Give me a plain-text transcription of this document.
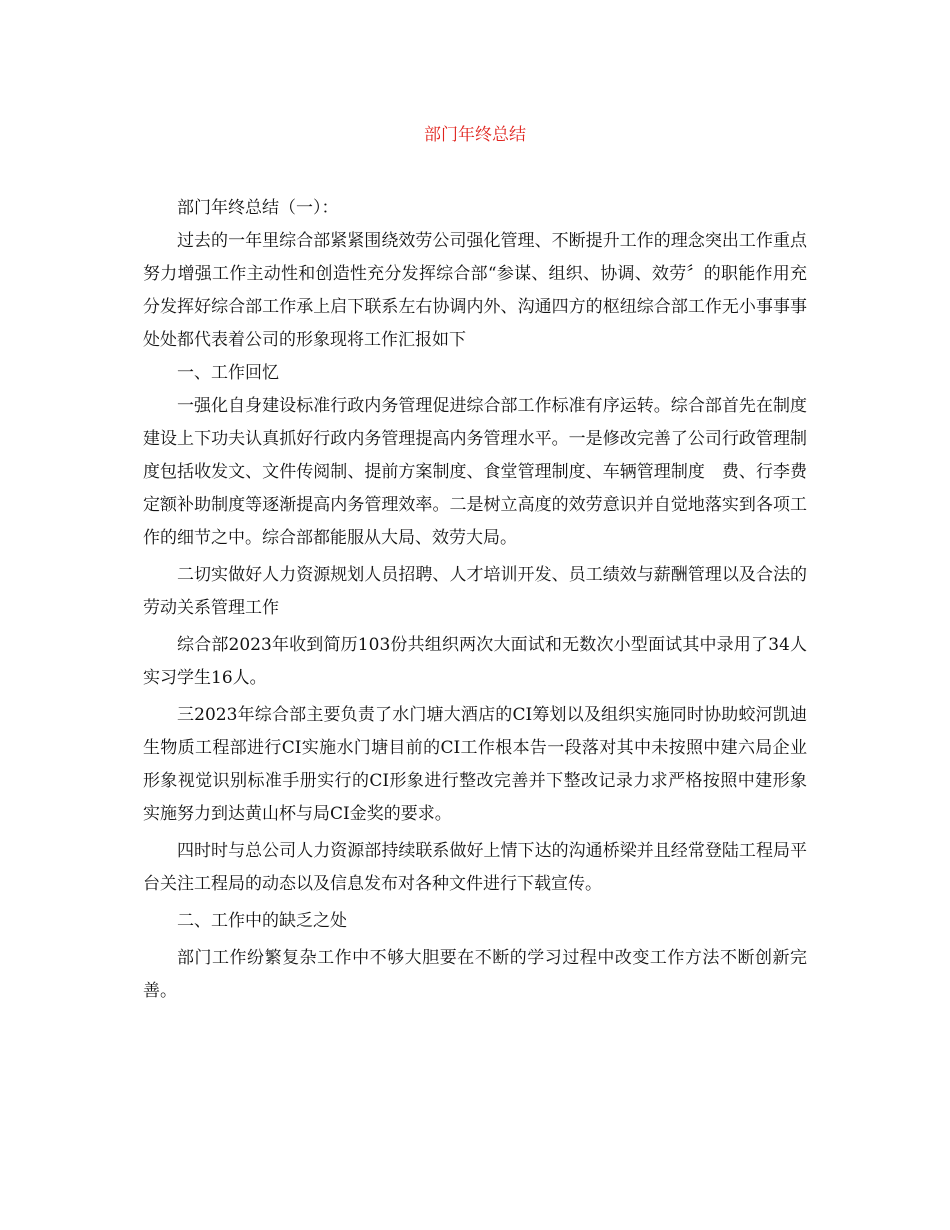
部门年终总结

部门年终总结（一）：

过去的一年里综合部紧紧围绕效劳公司强化管理、不断提升工作的理念突出工作重点努力增强工作主动性和创造性充分发挥综合部“参谋、组织、协调、效劳〞的职能作用充分发挥好综合部工作承上启下联系左右协调内外、沟通四方的枢纽综合部工作无小事事事处处都代表着公司的形象现将工作汇报如下

一、工作回忆

一强化自身建设标准行政内务管理促进综合部工作标准有序运转。综合部首先在制度建设上下功夫认真抓好行政内务管理提高内务管理水平。一是修改完善了公司行政管理制度包括收发文、文件传阅制、提前方案制度、食堂管理制度、车辆管理制度　费、行李费定额补助制度等逐渐提高内务管理效率。二是树立高度的效劳意识并自觉地落实到各项工作的细节之中。综合部都能服从大局、效劳大局。

二切实做好人力资源规划人员招聘、人才培训开发、员工绩效与薪酬管理以及合法的劳动关系管理工作

综合部2023年收到简历103份共组织两次大面试和无数次小型面试其中录用了34人实习学生16人。

三2023年综合部主要负责了水门塘大酒店的CI筹划以及组织实施同时协助蛟河凯迪生物质工程部进行CI实施水门塘目前的CI工作根本告一段落对其中未按照中建六局企业形象视觉识别标准手册实行的CI形象进行整改完善并下整改记录力求严格按照中建形象实施努力到达黄山杯与局CI金奖的要求。

四时时与总公司人力资源部持续联系做好上情下达的沟通桥梁并且经常登陆工程局平台关注工程局的动态以及信息发布对各种文件进行下载宣传。

二、工作中的缺乏之处

部门工作纷繁复杂工作中不够大胆要在不断的学习过程中改变工作方法不断创新完善。
